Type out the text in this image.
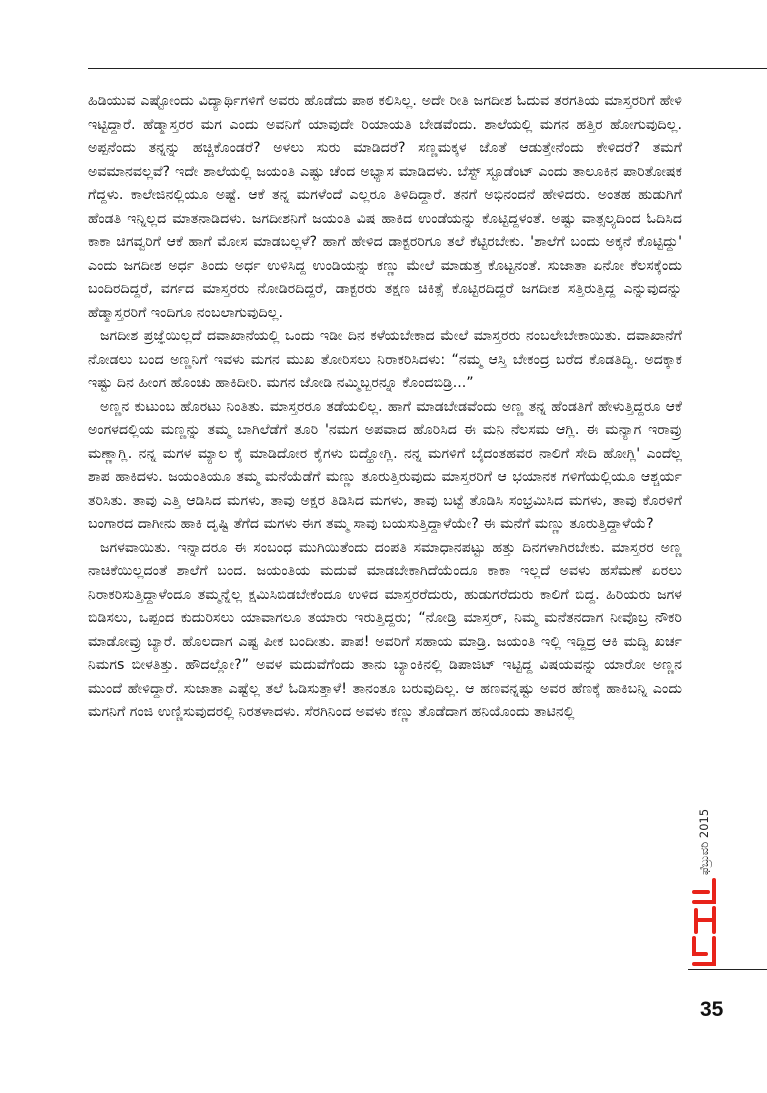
ಹಿಡಿಯುವ ಎಷ್ಟೋಂದು ವಿದ್ಯಾರ್ಥಿಗಳಿಗೆ ಅವರು ಹೊಡೆದು ಪಾಠ ಕಲಿಸಿಲ್ಲ. ಅದೇ ರೀತಿ ಜಗದೀಶ ಓದುವ ತರಗತಿಯ ಮಾಸ್ತರರಿಗೆ ಹೇಳಿ ಇಟ್ಟಿದ್ದಾರೆ. ಹೆಡ್ಮಾಸ್ತರರ ಮಗ ಎಂದು ಅವನಿಗೆ ಯಾವುದೇ ರಿಯಾಯತಿ ಬೇಡವೆಂದು. ಶಾಲೆಯಲ್ಲಿ ಮಗನ ಹತ್ತಿರ ಹೋಗುವುದಿಲ್ಲ. ಅಪ್ಪನೆಂದು ತನ್ನನ್ನು ಹಚ್ಚಿಕೊಂಡರೆ? ಅಳಲು ಸುರು ಮಾಡಿದರೆ? ಸಣ್ಣಮಕ್ಕಳ ಜೊತೆ ಆಡುತ್ತೇನೆಂದು ಕೇಳಿದರೆ? ತಮಗೆ ಅವಮಾನವಲ್ಲವೆ? ಇದೇ ಶಾಲೆಯಲ್ಲಿ ಜಯಂತಿ ಎಷ್ಟು ಚೆಂದ ಅಭ್ಯಾಸ ಮಾಡಿದಳು. ಬೆಸ್ಟ್ ಸ್ಟೂಡೆಂಟ್ ಎಂದು ತಾಲೂಕಿನ ಪಾರಿತೋಷಕ ಗೆದ್ದಳು. ಕಾಲೇಜಿನಲ್ಲಿಯೂ ಅಷ್ಟೆ. ಆಕೆ ತನ್ನ ಮಗಳೆಂದೆ ಎಲ್ಲರೂ ತಿಳಿದಿದ್ದಾರೆ. ತನಗೆ ಅಭಿನಂದನೆ ಹೇಳಿದರು. ಅಂತಹ ಹುಡುಗಿಗೆ ಹೆಂಡತಿ ಇನ್ನಿಲ್ಲದ ಮಾತನಾಡಿದಳು. ಜಗದೀಶನಿಗೆ ಜಯಂತಿ ವಿಷ ಹಾಕಿದ ಉಂಡೆಯನ್ನು ಕೊಟ್ಟಿದ್ದಳಂತೆ. ಅಷ್ಟು ವಾತ್ಸಲ್ಯದಿಂದ ಓದಿಸಿದ ಕಾಕಾ ಚಿಗವ್ವರಿಗೆ ಆಕೆ ಹಾಗೆ ಮೋಸ ಮಾಡಬಲ್ಲಳೆ? ಹಾಗೆ ಹೇಳಿದ ಡಾಕ್ಟರರಿಗೂ ತಲೆ ಕೆಟ್ಟಿರಬೇಕು. 'ಶಾಲೆಗೆ ಬಂದು ಅಕ್ಕನೆ ಕೊಟ್ಟಿದ್ದು' ಎಂದು ಜಗದೀಶ ಅರ್ಧ ತಿಂದು ಅರ್ಧ ಉಳಿಸಿದ್ದ ಉಂಡಿಯನ್ನು ಕಣ್ಣು ಮೇಲೆ ಮಾಡುತ್ತ ಕೊಟ್ಟನಂತೆ. ಸುಜಾತಾ ಏನೋ ಕೆಲಸಕ್ಕೆಂದು ಬಂದಿರದಿದ್ದರೆ, ವರ್ಗದ ಮಾಸ್ತರರು ನೋಡಿರದಿದ್ದರೆ, ಡಾಕ್ಟರರು ತಕ್ಷಣ ಚಿಕಿತ್ಸೆ ಕೊಟ್ಟಿರದಿದ್ದರೆ ಜಗದೀಶ ಸತ್ತಿರುತ್ತಿದ್ದ ಎನ್ನುವುದನ್ನು ಹೆಡ್ಮಾಸ್ತರರಿಗೆ ಇಂದಿಗೂ ನಂಬಲಾಗುವುದಿಲ್ಲ.

ಜಗದೀಶ ಪ್ರಜ್ಞೆಯಿಲ್ಲದೆ ದವಾಖಾನೆಯಲ್ಲಿ ಒಂದು ಇಡೀ ದಿನ ಕಳೆಯಬೇಕಾದ ಮೇಲೆ ಮಾಸ್ತರರು ನಂಬಲೇಬೇಕಾಯಿತು. ದವಾಖಾನೆಗೆ ನೋಡಲು ಬಂದ ಅಣ್ಣನಿಗೆ ಇವಳು ಮಗನ ಮುಖ ತೋರಿಸಲು ನಿರಾಕರಿಸಿದಳು: “ನಮ್ಮ ಆಸ್ತಿ ಬೇಕಂದ್ರ ಬರೆದ ಕೊಡತಿದ್ವಿ. ಅದಕ್ಕಾಕ ಇಷ್ಟು ದಿನ ಹೀಂಗ ಹೊಂಚು ಹಾಕಿದೀರಿ. ಮಗನ ಜೋಡಿ ನಮ್ಮಿಬ್ಬರನ್ನೂ ಕೊಂದಬಿಡ್ರಿ...”

ಅಣ್ಣನ ಕುಟುಂಬ ಹೊರಟು ನಿಂತಿತು. ಮಾಸ್ತರರೂ ತಡೆಯಲಿಲ್ಲ. ಹಾಗೆ ಮಾಡಬೇಡವೆಂದು ಅಣ್ಣ ತನ್ನ ಹೆಂಡತಿಗೆ ಹೇಳುತ್ತಿದ್ದರೂ ಆಕೆ ಅಂಗಳದಲ್ಲಿಯ ಮಣ್ಣನ್ನು ತಮ್ಮ ಬಾಗಿಲೆಡೆಗೆ ತೂರಿ 'ನಮಗ ಅಪವಾದ ಹೊರಿಸಿದ ಈ ಮನಿ ನೆಲಸಮ ಆಗ್ಲಿ. ಈ ಮನ್ಯಾಗ ಇರಾವ್ರು ಮಣ್ಣಾಗ್ಲಿ. ನನ್ನ ಮಗಳ ಮ್ಯಾಲ ಕೈ ಮಾಡಿದೋರ ಕೈಗಳು ಬಿದ್ಹೋಗ್ಲಿ. ನನ್ನ ಮಗಳಿಗೆ ಬೈದಂತಹವರ ನಾಲಿಗೆ ಸೇದಿ ಹೋಗ್ಲಿ' ಎಂದೆಲ್ಲ ಶಾಪ ಹಾಕಿದಳು. ಜಯಂತಿಯೂ ತಮ್ಮ ಮನೆಯೆಡೆಗೆ ಮಣ್ಣು ತೂರುತ್ತಿರುವುದು ಮಾಸ್ತರರಿಗೆ ಆ ಭಯಾನಕ ಗಳಿಗೆಯಲ್ಲಿಯೂ ಆಶ್ಚರ್ಯ ತರಿಸಿತು. ತಾವು ಎತ್ತಿ ಆಡಿಸಿದ ಮಗಳು, ತಾವು ಅಕ್ಷರ ತಿಡಿಸಿದ ಮಗಳು, ತಾವು ಬಟ್ಟೆ ತೊಡಿಸಿ ಸಂಭ್ರಮಿಸಿದ ಮಗಳು, ತಾವು ಕೊರಳಿಗೆ ಬಂಗಾರದ ದಾಗೀನು ಹಾಕಿ ದೃಷ್ಟಿ ತೆಗೆದ ಮಗಳು ಈಗ ತಮ್ಮ ಸಾವು ಬಯಸುತ್ತಿದ್ದಾಳೆಯೇ? ಈ ಮನೆಗೆ ಮಣ್ಣು ತೂರುತ್ತಿದ್ದಾಳೆಯೆ?

ಜಗಳವಾಯಿತು. ಇನ್ನಾದರೂ ಈ ಸಂಬಂಧ ಮುಗಿಯಿತೆಂದು ದಂಪತಿ ಸಮಾಧಾನಪಟ್ಟು ಹತ್ತು ದಿನಗಳಾಗಿರಬೇಕು. ಮಾಸ್ತರರ ಅಣ್ಣ ನಾಚಿಕೆಯಿಲ್ಲದಂತೆ ಶಾಲೆಗೆ ಬಂದ. ಜಯಂತಿಯ ಮದುವೆ ಮಾಡಬೇಕಾಗಿದೆಯೆಂದೂ ಕಾಕಾ ಇಲ್ಲದೆ ಅವಳು ಹಸೆಮಣೆ ಏರಲು ನಿರಾಕರಿಸುತ್ತಿದ್ದಾಳೆಂದೂ ತಮ್ಮನ್ನೆಲ್ಲ ಕ್ಷಮಿಸಿಬಿಡಬೇಕೆಂದೂ ಉಳಿದ ಮಾಸ್ತರರೆದುರು, ಹುಡುಗರೆದುರು ಕಾಲಿಗೆ ಬಿದ್ದ. ಹಿರಿಯರು ಜಗಳ ಬಿಡಿಸಲು, ಒಪ್ಪಂದ ಕುದುರಿಸಲು ಯಾವಾಗಲೂ ತಯಾರು ಇರುತ್ತಿದ್ದರು; “ನೋಡ್ರಿ ಮಾಸ್ತರ್, ನಿಮ್ಮ ಮನೆತನದಾಗ ನೀವೊಬ್ರ ನೌಕರಿ ಮಾಡೋವ್ರು ಬ್ಯಾರೆ. ಹೊಲದಾಗ ಎಷ್ಟ ಪೀಕ ಬಂದೀತು. ಪಾಪ! ಅವರಿಗೆ ಸಹಾಯ ಮಾಡ್ರಿ. ಜಯಂತಿ ಇಲ್ಲಿ ಇದ್ದಿದ್ರ ಆಕಿ ಮದ್ವಿ ಖರ್ಚ ನಿಮಗs ಬೀಳತಿತ್ತು. ಹೌದಲ್ಲೋ?” ಅವಳ ಮದುವೆಗೆಂದು ತಾನು ಬ್ಯಾಂಕಿನಲ್ಲಿ ಡಿಪಾಜಿಟ್ ಇಟ್ಟಿದ್ದ ವಿಷಯವನ್ನು ಯಾರೋ ಅಣ್ಣನ ಮುಂದೆ ಹೇಳಿದ್ದಾರೆ. ಸುಜಾತಾ ಎಷ್ಟೆಲ್ಲ ತಲೆ ಓಡಿಸುತ್ತಾಳೆ! ತಾನಂತೂ ಬರುವುದಿಲ್ಲ. ಆ ಹಣವನ್ನಷ್ಟು ಅವರ ಹೆಣಕ್ಕೆ ಹಾಕಿಬನ್ನಿ ಎಂದು ಮಗನಿಗೆ ಗಂಜಿ ಉಣ್ಣಿಸುವುದರಲ್ಲಿ ನಿರತಳಾದಳು. ಸೆರಗಿನಿಂದ ಅವಳು ಕಣ್ಣು ತೊಡೆದಾಗ ಹನಿಯೊಂದು ತಾಟಿನಲ್ಲಿ

ಫೆಬ್ರುವರಿ 2015
35
